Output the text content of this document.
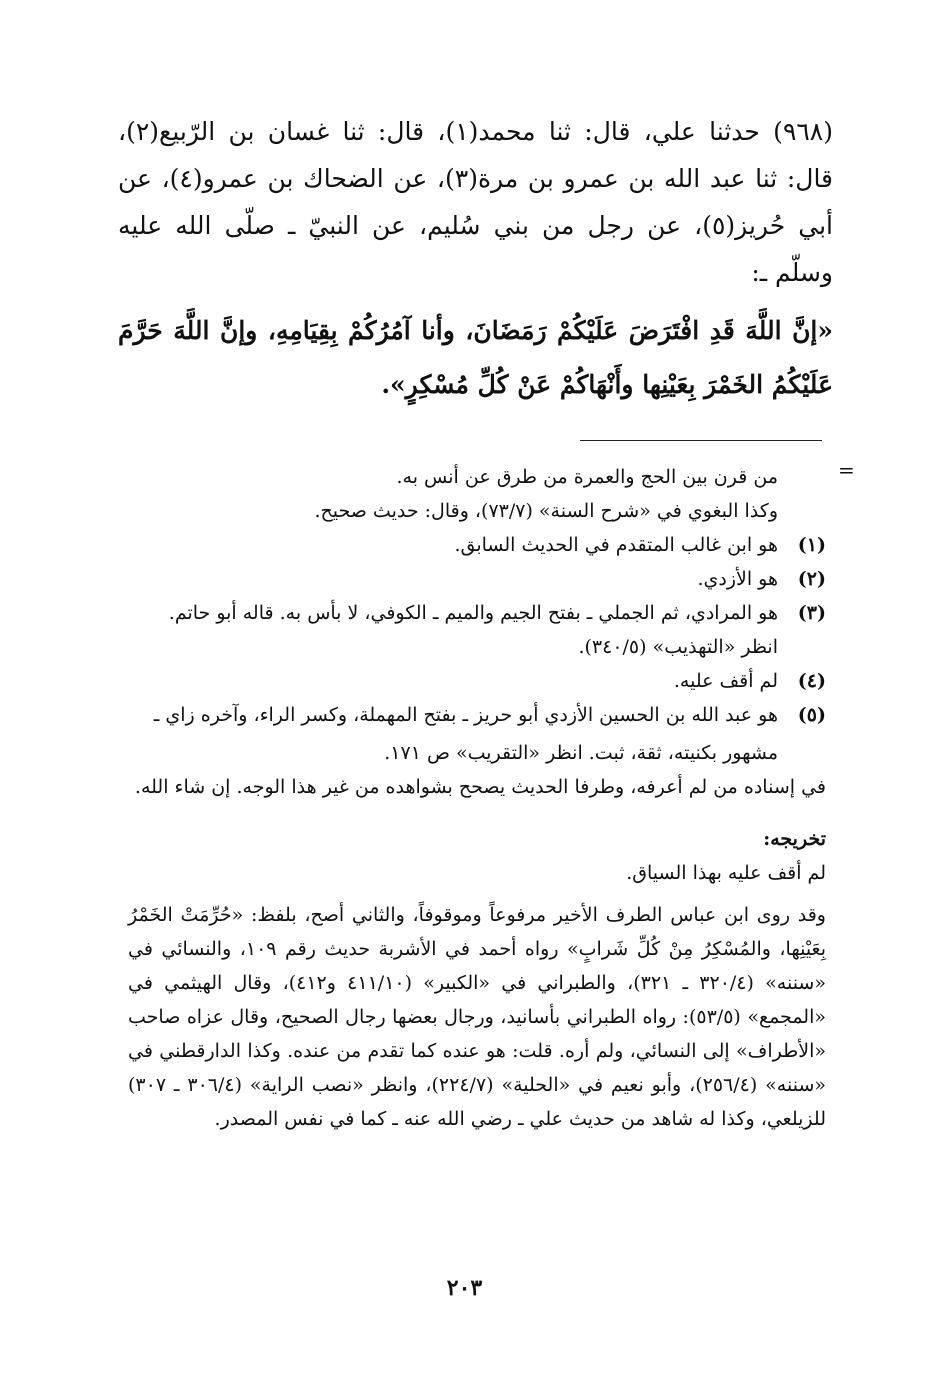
(٩٦٨) حدثنا علي، قال: ثنا محمد(١)، قال: ثنا غسان بن الرّبيع(٢)، قال: ثنا عبد الله بن عمرو بن مرة(٣)، عن الضحاك بن عمرو(٤)، عن أبي حُريز(٥)، عن رجل من بني سُليم، عن النبيّ ـ صلّى الله عليه وسلّم ـ:

«إنَّ اللَّهَ قَدِ افْتَرَضَ عَلَيْكُمْ رَمَضَانَ، وأنا آمُرُكُمْ بِقِيَامِهِ، وإنَّ اللَّهَ حَرَّمَ عَلَيْكُمُ الخَمْرَ بِعَيْنِها وأَنْهَاكُمْ عَنْ كُلِّ مُسْكِرٍ».

=

من قرن بين الحج والعمرة من طرق عن أنس به.

وكذا البغوي في «شرح السنة» (٧٣/٧)، وقال: حديث صحيح.

(١)
هو ابن غالب المتقدم في الحديث السابق.
(٢)
هو الأزدي.
(٣)
هو المرادي، ثم الجملي ـ بفتح الجيم والميم ـ الكوفي، لا بأس به. قاله أبو حاتم.
انظر «التهذيب» (٣٤٠/٥).
(٤)
لم أقف عليه.
(٥)
هو عبد الله بن الحسين الأزدي أبو حريز ـ بفتح المهملة، وكسر الراء، وآخره زاي ـ
مشهور بكنيته، ثقة، ثبت. انظر «التقريب» ص ١٧١.

في إسناده من لم أعرفه، وطرفا الحديث يصحح بشواهده من غير هذا الوجه. إن شاء الله.

تخريجه:

لم أقف عليه بهذا السياق.

وقد روى ابن عباس الطرف الأخير مرفوعاً وموقوفاً، والثاني أصح، بلفظ: «حُرِّمَتْ الخَمْرُ بِعَيْنِها، والمُسْكِرُ مِنْ كُلِّ شَرابٍ» رواه أحمد في الأشربة حديث رقم ١٠٩، والنسائي في «سننه» (٣٢٠/٤ ـ ٣٢١)، والطبراني في «الكبير» (٤١١/١٠ و٤١٢)، وقال الهيثمي في «المجمع» (٥٣/٥): رواه الطبراني بأسانيد، ورجال بعضها رجال الصحيح، وقال عزاه صاحب «الأطراف» إلى النسائي، ولم أره. قلت: هو عنده كما تقدم من عنده. وكذا الدارقطني في «سننه» (٢٥٦/٤)، وأبو نعيم في «الحلية» (٢٢٤/٧)، وانظر «نصب الراية» (٣٠٦/٤ ـ ٣٠٧) للزيلعي، وكذا له شاهد من حديث علي ـ رضي الله عنه ـ كما في نفس المصدر.

٢٠٣
